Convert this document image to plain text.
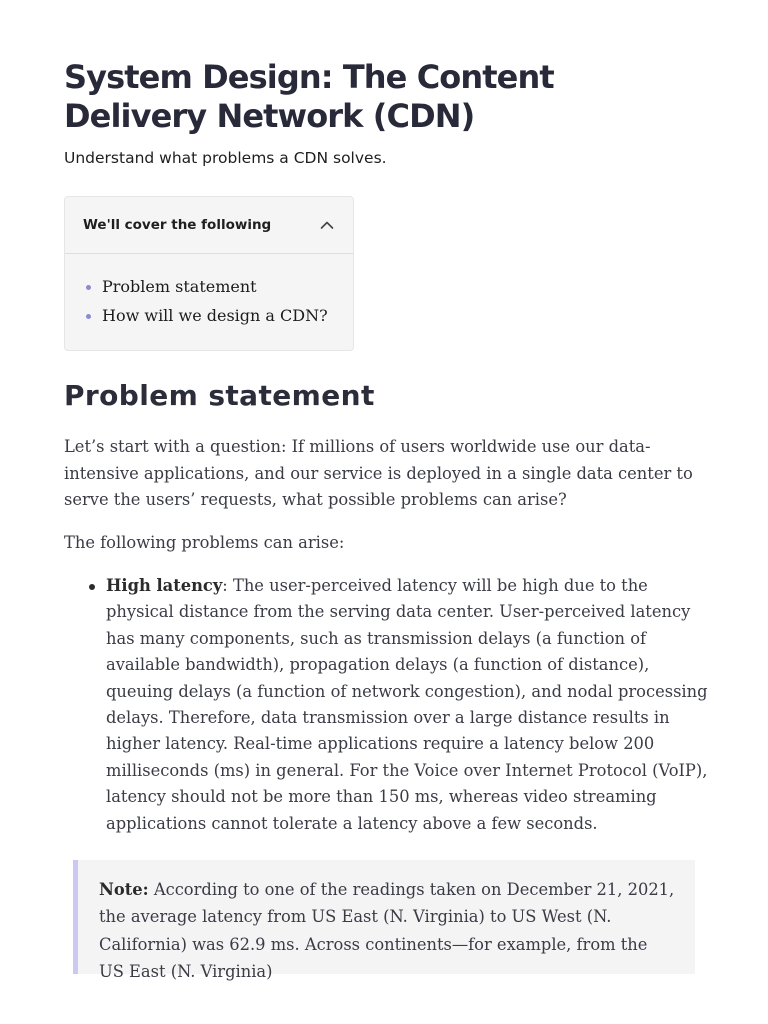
System Design: The Content Delivery Network (CDN)

Understand what problems a CDN solves.

We'll cover the following
Problem statement
How will we design a CDN?
Problem statement

Let’s start with a question: If millions of users worldwide use our data-intensive applications, and our service is deployed in a single data center to serve the users’ requests, what possible problems can arise?

The following problems can arise:

High latency: The user-perceived latency will be high due to the physical distance from the serving data center. User-perceived latency has many components, such as transmission delays (a function of available bandwidth), propagation delays (a function of distance), queuing delays (a function of network congestion), and nodal processing delays. Therefore, data transmission over a large distance results in higher latency. Real-time applications require a latency below 200 milliseconds (ms) in general. For the Voice over Internet Protocol (VoIP), latency should not be more than 150 ms, whereas video streaming applications cannot tolerate a latency above a few seconds.
Note: According to one of the readings taken on December 21, 2021, the average latency from US East (N. Virginia) to US West (N. California) was 62.9 ms. Across continents—for example, from the US East (N. Virginia)
